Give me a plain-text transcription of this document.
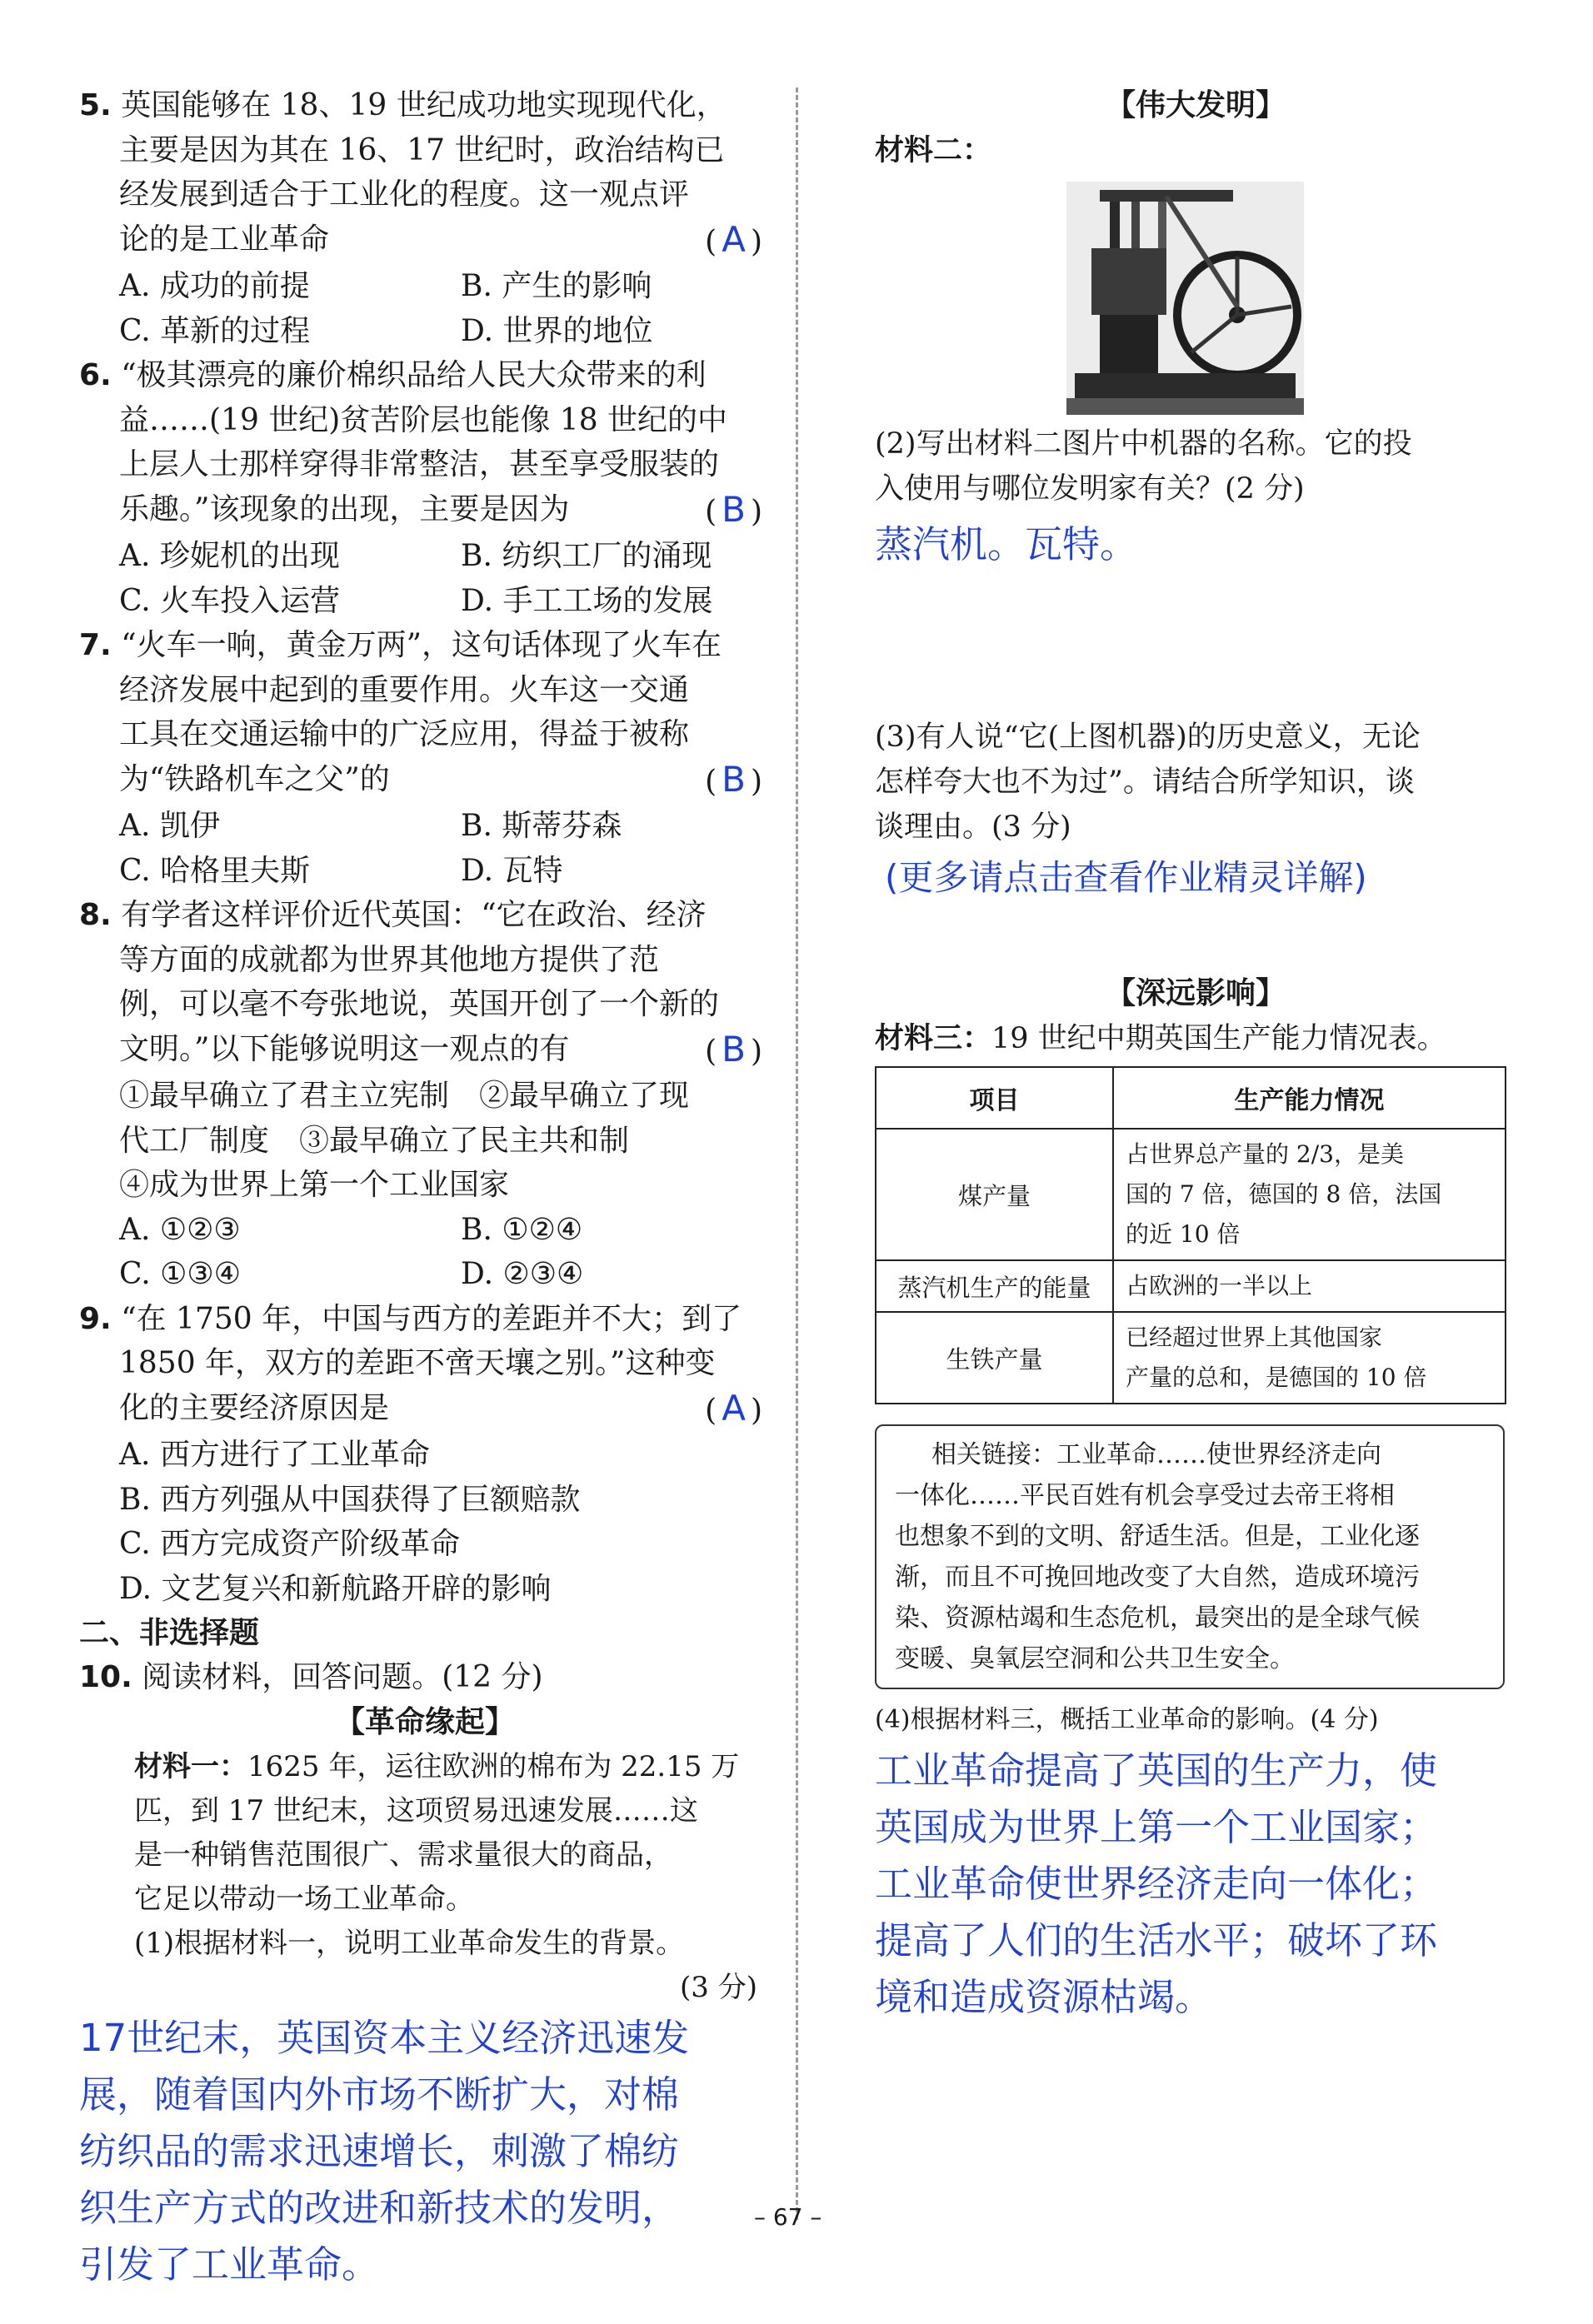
5. 英国能够在 18、19 世纪成功地实现现代化，
主要是因为其在 16、17 世纪时，政治结构已
经发展到适合于工业化的程度。这一观点评
论的是工业革命	( A )
A. 成功的前提	B. 产生的影响
C. 革新的过程	D. 世界的地位
6. “极其漂亮的廉价棉织品给人民大众带来的利
益……(19 世纪)贫苦阶层也能像 18 世纪的中
上层人士那样穿得非常整洁，甚至享受服装的
乐趣。”该现象的出现，主要是因为	( B )
A. 珍妮机的出现	B. 纺织工厂的涌现
C. 火车投入运营	D. 手工工场的发展
7. “火车一响，黄金万两”，这句话体现了火车在
经济发展中起到的重要作用。火车这一交通
工具在交通运输中的广泛应用，得益于被称
为“铁路机车之父”的	( B )
A. 凯伊	B. 斯蒂芬森
C. 哈格里夫斯	D. 瓦特
8. 有学者这样评价近代英国：“它在政治、经济
等方面的成就都为世界其他地方提供了范
例，可以毫不夸张地说，英国开创了一个新的
文明。”以下能够说明这一观点的有	( B )
①最早确立了君主立宪制　②最早确立了现
代工厂制度　③最早确立了民主共和制
④成为世界上第一个工业国家
A. ①②③	B. ①②④
C. ①③④	D. ②③④
9. “在 1750 年，中国与西方的差距并不大；到了
1850 年，双方的差距不啻天壤之别。”这种变
化的主要经济原因是	( A )
A. 西方进行了工业革命
B. 西方列强从中国获得了巨额赔款
C. 西方完成资产阶级革命
D. 文艺复兴和新航路开辟的影响
二、非选择题
10. 阅读材料，回答问题。(12 分)
【革命缘起】
材料一：1625 年，运往欧洲的棉布为 22.15 万
匹，到 17 世纪末，这项贸易迅速发展……这
是一种销售范围很广、需求量很大的商品，
它足以带动一场工业革命。
(1)根据材料一，说明工业革命发生的背景。
(3 分)
17世纪末，英国资本主义经济迅速发
展，随着国内外市场不断扩大，对棉
纺织品的需求迅速增长，刺激了棉纺
织生产方式的改进和新技术的发明，
引发了工业革命。
【伟大发明】
材料二：
(2)写出材料二图片中机器的名称。它的投
入使用与哪位发明家有关？(2 分)
蒸汽机。瓦特。
(3)有人说“它(上图机器)的历史意义，无论
怎样夸大也不为过”。请结合所学知识，谈
谈理由。(3 分)
(更多请点击查看作业精灵详解)
【深远影响】
材料三：19 世纪中期英国生产能力情况表。
项目	生产能力情况
煤产量	占世界总产量的 2/3，是美
国的 7 倍，德国的 8 倍，法国
的近 10 倍

蒸汽机生产的能量	占欧洲的一半以上

生铁产量	已经超过世界上其他国家
产量的总和，是德国的 10 倍
相关链接：工业革命……使世界经济走向
一体化……平民百姓有机会享受过去帝王将相
也想象不到的文明、舒适生活。但是，工业化逐
渐，而且不可挽回地改变了大自然，造成环境污
染、资源枯竭和生态危机，最突出的是全球气候
变暖、臭氧层空洞和公共卫生安全。
(4)根据材料三，概括工业革命的影响。(4 分)
工业革命提高了英国的生产力，使
英国成为世界上第一个工业国家；
工业革命使世界经济走向一体化；
提高了人们的生活水平；破坏了环
境和造成资源枯竭。
– 67 –
